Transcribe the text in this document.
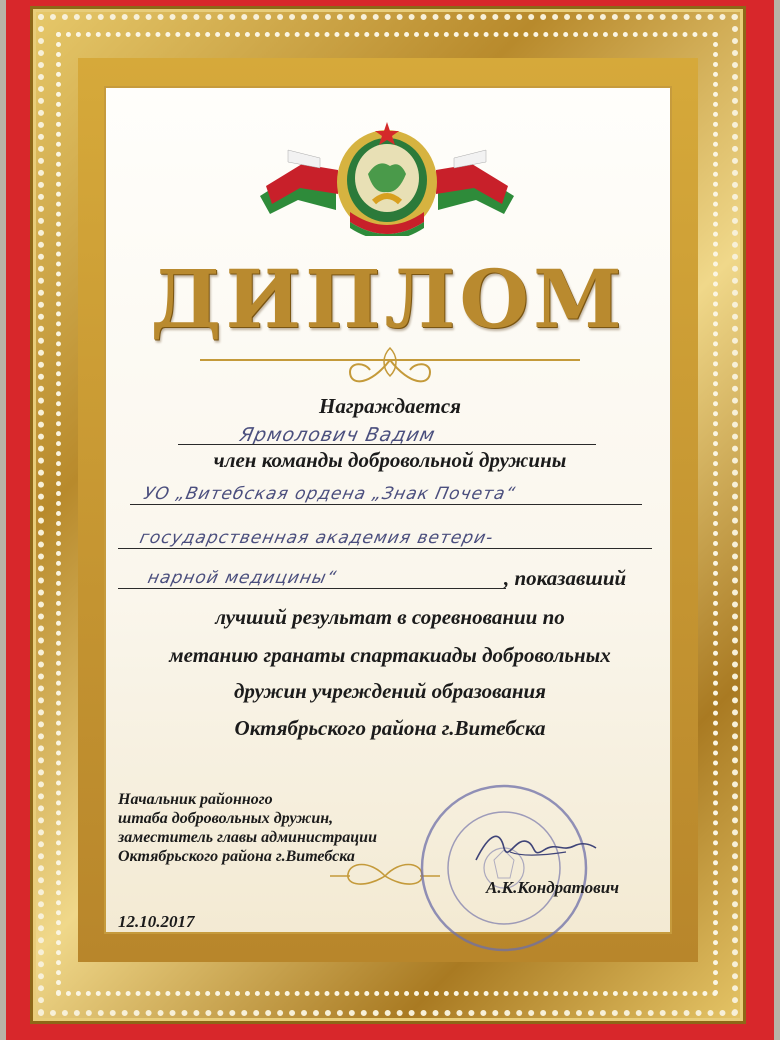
ДИПЛОМ
Награждается
Ярмолович Вадим
член команды добровольной дружины
УО „Витебская ордена „Знак Почета“
государственная академия ветери-
нарной медицины“	, показавший
лучший результат в соревновании по
метанию гранаты спартакиады добровольных
дружин учреждений образования
Октябрьского района г.Витебска
Начальник районного
штаба добровольных дружин,
заместитель главы администрации
Октябрьского района г.Витебска
А.К.Кондратович
12.10.2017
